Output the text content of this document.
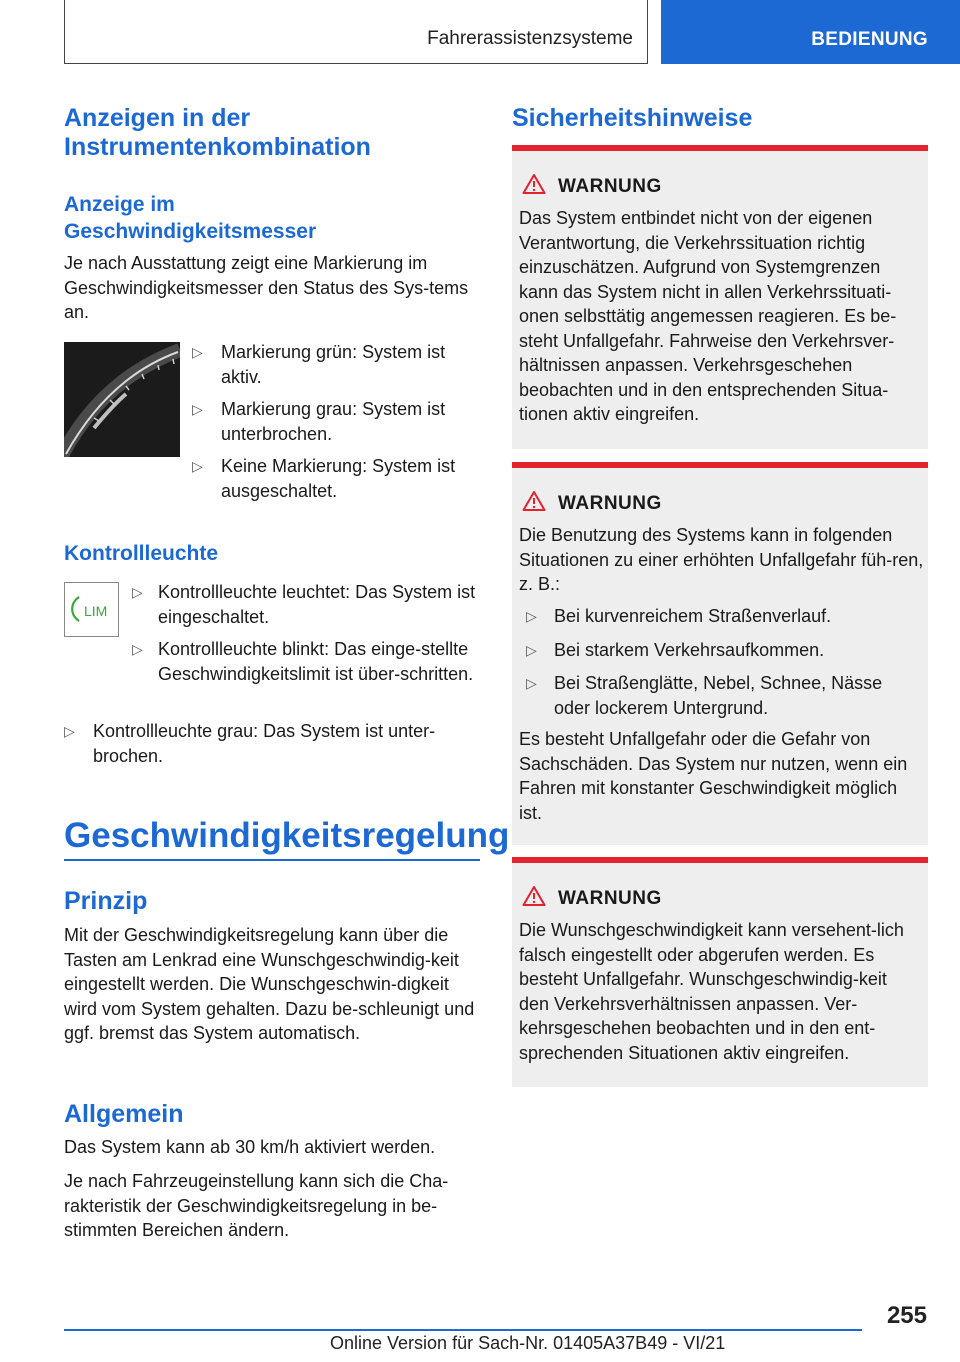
Fahrerassistenzsysteme	BEDIENUNG
Anzeigen in der Instrumentenkombination
Anzeige im Geschwindigkeitsmesser

Je nach Ausstattung zeigt eine Markierung im Geschwindigkeitsmesser den Status des Sys-tems an.

▷	Markierung grün: System ist aktiv.
▷	Markierung grau: System ist unterbrochen.
▷	Keine Markierung: System ist ausgeschaltet.
Kontrollleuchte
LIM
▷ Kontrollleuchte leuchtet: Das System ist eingeschaltet.
▷ Kontrollleuchte blinkt: Das einge-stellte Geschwindigkeitslimit ist über-schritten.
▷	Kontrollleuchte grau: Das System ist unter-brochen.
Geschwindigkeitsregelung
Prinzip

Mit der Geschwindigkeitsregelung kann über die Tasten am Lenkrad eine Wunschgeschwindig-keit eingestellt werden. Die Wunschgeschwin-digkeit wird vom System gehalten. Dazu be-schleunigt und ggf. bremst das System automatisch.

Allgemein

Das System kann ab 30 km/h aktiviert werden.

Je nach Fahrzeugeinstellung kann sich die Cha-rakteristik der Geschwindigkeitsregelung in be-stimmten Bereichen ändern.

Sicherheitshinweise
WARNUNG

Das System entbindet nicht von der eigenen Verantwortung, die Verkehrssituation richtig einzuschätzen. Aufgrund von Systemgrenzen kann das System nicht in allen Verkehrssituati-onen selbsttätig angemessen reagieren. Es be-steht Unfallgefahr. Fahrweise den Verkehrsver-hältnissen anpassen. Verkehrsgeschehen beobachten und in den entsprechenden Situa-tionen aktiv eingreifen.

WARNUNG

Die Benutzung des Systems kann in folgenden Situationen zu einer erhöhten Unfallgefahr füh-ren, z. B.:

▷ Bei kurvenreichem Straßenverlauf.
▷ Bei starkem Verkehrsaufkommen.
▷ Bei Straßenglätte, Nebel, Schnee, Nässe oder lockerem Untergrund.

Es besteht Unfallgefahr oder die Gefahr von Sachschäden. Das System nur nutzen, wenn ein Fahren mit konstanter Geschwindigkeit möglich ist.

WARNUNG

Die Wunschgeschwindigkeit kann versehent-lich falsch eingestellt oder abgerufen werden. Es besteht Unfallgefahr. Wunschgeschwindig-keit den Verkehrsverhältnissen anpassen. Ver-kehrsgeschehen beobachten und in den ent-sprechenden Situationen aktiv eingreifen.

255
Online Version für Sach-Nr. 01405A37B49 - VI/21
